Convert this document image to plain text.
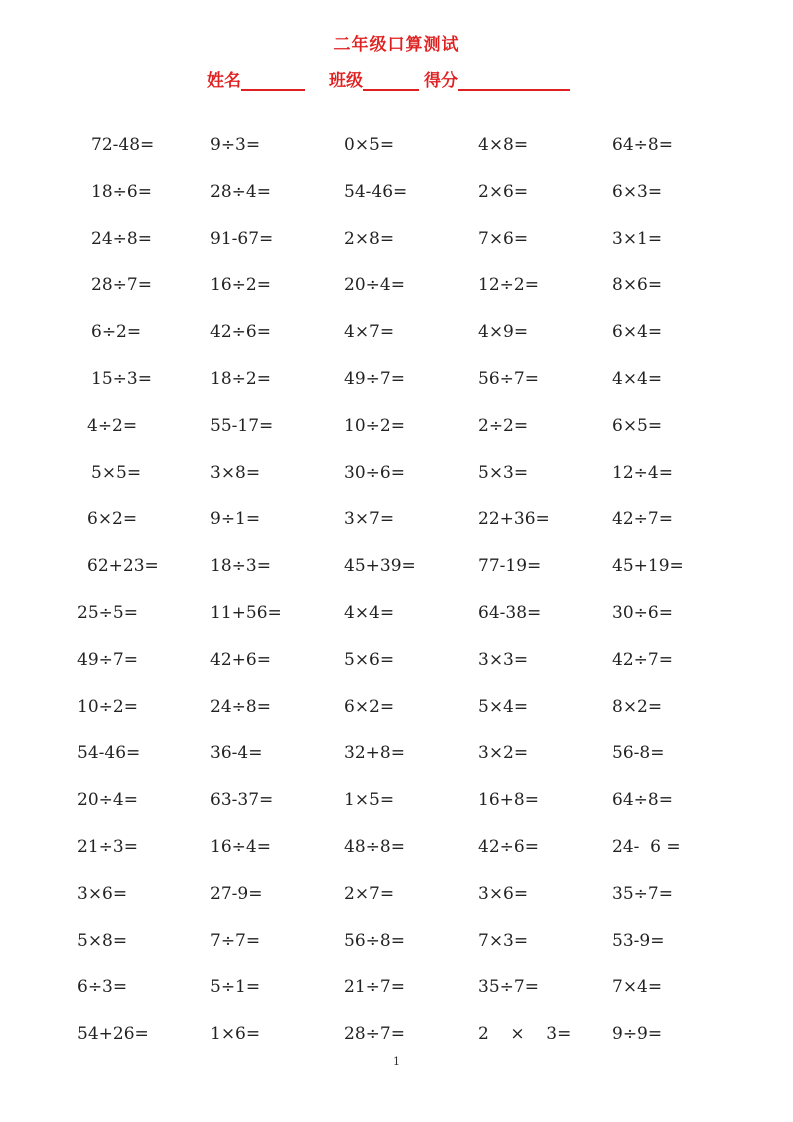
二年级口算测试
姓名	班级	得分
72-48=	9÷3=	0×5=	4×8=	64÷8=
18÷6=	28÷4=	54-46=	2×6=	6×3=
24÷8=	91-67=	2×8=	7×6=	3×1=
28÷7=	16÷2=	20÷4=	12÷2=	8×6=
6÷2=	42÷6=	4×7=	4×9=	6×4=
15÷3=	18÷2=	49÷7=	56÷7=	4×4=
4÷2=	55-17=	10÷2=	2÷2=	6×5=
5×5=	3×8=	30÷6=	5×3=	12÷4=
6×2=	9÷1=	3×7=	22+36=	42÷7=
62+23=	18÷3=	45+39=	77-19=	45+19=
25÷5=	11+56=	4×4=	64-38=	30÷6=
49÷7=	42+6=	5×6=	3×3=	42÷7=
10÷2=	24÷8=	6×2=	5×4=	8×2=
54-46=	36-4=	32+8=	3×2=	56-8=
20÷4=	63-37=	1×5=	16+8=	64÷8=
21÷3=	16÷4=	48÷8=	42÷6=	24-  6 =
3×6=	27-9=	2×7=	3×6=	35÷7=
5×8=	7÷7=	56÷8=	7×3=	53-9=
6÷3=	5÷1=	21÷7=	35÷7=	7×4=
54+26=	1×6=	28÷7=	2    ×    3= 9÷9=
1
